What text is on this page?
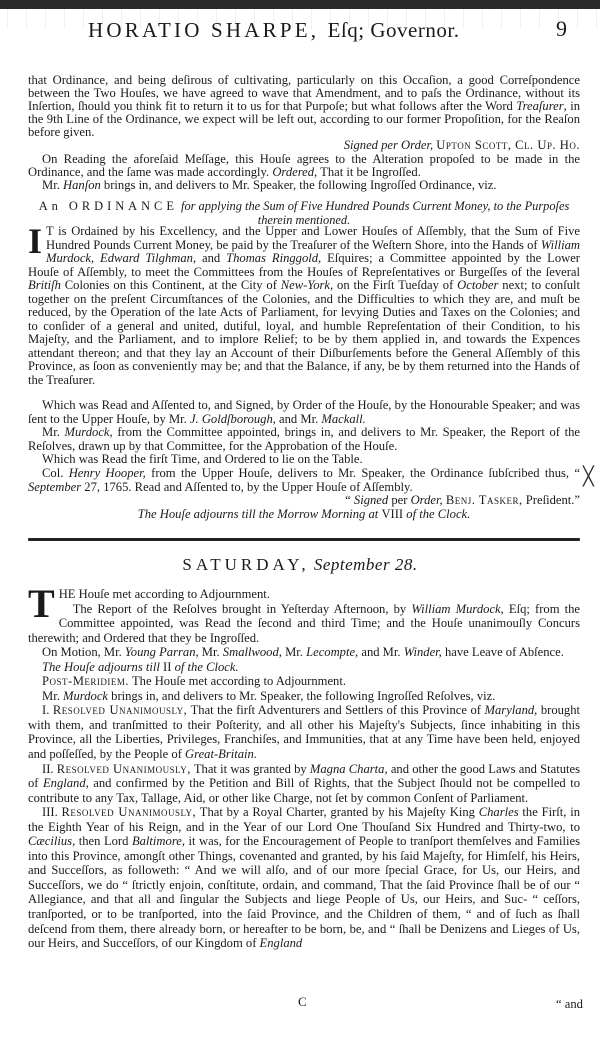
HORATIO SHARPE, Eſq; Governor.	9

that Ordinance, and being deſirous of cultivating, particularly on this Occaſion, a good Correſpondence between the Two Houſes, we have agreed to wave that Amendment, and to paſs the Ordinance, without its Inſertion, ſhould you think fit to return it to us for that Purpoſe; but what follows after the Word Treaſurer, in the 9th Line of the Ordinance, we expect will be left out, according to our former Propoſition, for the Reaſon before given.

Signed per Order, Upton Scott, Cl. Up. Ho.

On Reading the aforeſaid Meſſage, this Houſe agrees to the Alteration propoſed to be made in the Ordinance, and the ſame was made accordingly. Ordered, That it be Ingroſſed.

Mr. Hanſon brings in, and delivers to Mr. Speaker, the following Ingroſſed Ordinance, viz.

An ORDINANCE for applying the Sum of Five Hundred Pounds Current Money, to the Purpoſes therein mentioned.

I T is Ordained by his Excellency, and the Upper and Lower Houſes of Aſſembly, that the Sum of Five Hundred Pounds Current Money, be paid by the Treaſurer of the Weſtern Shore, into the Hands of William Murdock, Edward Tilghman, and Thomas Ringgold, Eſquires; a Committee appointed by the Lower Houſe of Aſſembly, to meet the Committees from the Houſes of Repreſentatives or Burgeſſes of the ſeveral Britiſh Colonies on this Continent, at the City of New-York, on the Firſt Tueſday of October next; to conſult together on the preſent Circumſtances of the Colonies, and the Difficulties to which they are, and muſt be reduced, by the Operation of the late Acts of Parliament, for levying Duties and Taxes on the Colonies; and to conſider of a general and united, dutiful, loyal, and humble Repreſentation of their Condition, to his Majeſty, and the Parliament, and to implore Relief; to be by them applied in, and towards the Expences attendant thereon; and that they lay an Account of their Diſburſements before the General Aſſembly of this Province, as ſoon as conveniently may be; and that the Balance, if any, be by them returned into the Hands of the Treaſurer.

Which was Read and Aſſented to, and Signed, by Order of the Houſe, by the Honourable Speaker; and was ſent to the Upper Houſe, by Mr. J. Goldſborough, and Mr. Mackall.

Mr. Murdock, from the Committee appointed, brings in, and delivers to Mr. Speaker, the Report of the Reſolves, drawn up by that Committee, for the Approbation of the Houſe.

Which was Read the firſt Time, and Ordered to lie on the Table.

Col. Henry Hooper, from the Upper Houſe, delivers to Mr. Speaker, the Ordinance ſubſcribed thus, “ September 27, 1765. Read and Aſſented to, by the Upper Houſe of Aſſembly.

“ Signed per Order, Benj. Tasker, Preſident.”

The Houſe adjourns till the Morrow Morning at VIII of the Clock.

╳
SATURDAY, September 28.
T HE Houſe met according to Adjournment.

The Report of the Reſolves brought in Yeſterday Afternoon, by William Murdock, Eſq; from the Committee appointed, was Read the ſecond and third Time; and the Houſe unanimouſly Concurs therewith; and Ordered that they be Ingroſſed.

On Motion, Mr. Young Parran, Mr. Smallwood, Mr. Lecompte, and Mr. Winder, have Leave of Abſence.

The Houſe adjourns till II of the Clock.

Post-Meridiem. The Houſe met according to Adjournment.

Mr. Murdock brings in, and delivers to Mr. Speaker, the following Ingroſſed Reſolves, viz.

I. Resolved Unanimously, That the firſt Adventurers and Settlers of this Province of Maryland, brought with them, and tranſmitted to their Poſterity, and all other his Majeſty's Subjects, ſince inhabiting in this Province, all the Liberties, Privileges, Franchiſes, and Immunities, that at any Time have been held, enjoyed and poſſeſſed, by the People of Great-Britain.

II. Resolved Unanimously, That it was granted by Magna Charta, and other the good Laws and Statutes of England, and confirmed by the Petition and Bill of Rights, that the Subject ſhould not be compelled to contribute to any Tax, Tallage, Aid, or other like Charge, not ſet by common Conſent of Parliament.

III. Resolved Unanimously, That by a Royal Charter, granted by his Majeſty King Charles the Firſt, in the Eighth Year of his Reign, and in the Year of our Lord One Thouſand Six Hundred and Thirty-two, to Cæcilius, then Lord Baltimore, it was, for the Encouragement of People to tranſport themſelves and Families into this Province, amongſt other Things, covenanted and granted, by his ſaid Majeſty, for Himſelf, his Heirs, and Succeſſors, as followeth: “ And we will alſo, and of our more ſpecial Grace, for Us, our Heirs, and Succeſſors, we do “ ſtrictly enjoin, conſtitute, ordain, and command, That the ſaid Province ſhall be of our “ Allegiance, and that all and ſingular the Subjects and liege People of Us, our Heirs, and Suc- “ ceſſors, tranſported, or to be tranſported, into the ſaid Province, and the Children of them, “ and of ſuch as ſhall deſcend from them, there already born, or hereafter to be born, be, and “ ſhall be Denizens and Lieges of Us, our Heirs, and Succeſſors, of our Kingdom of England

C	“ and
